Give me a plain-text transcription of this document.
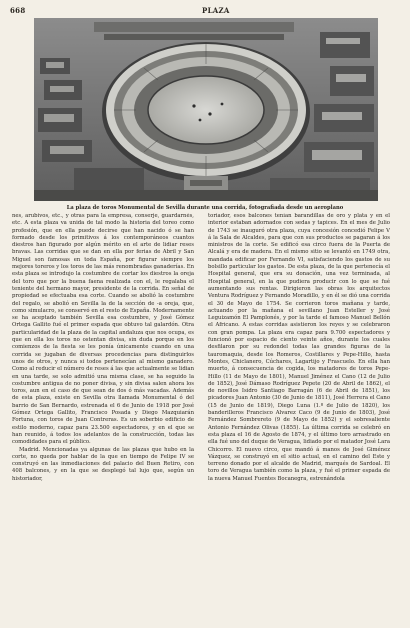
668	PLAZA
La plaza de toros Monumental de Sevilla durante una corrida, fotografiada desde un aeroplano

nes, arubivos, etc., y otras para la empresa, conserje, guardarnés, etc. A esta plaza va unida de tal modo la historia del toreo como profesión, que en ella puede decirse que han nacido ó se han formado desde los primitivos á los contemporáneos cuantos diestros han figurado por algún mérito en el arte de lidiar reses bravas. Las corridas que se dan en ella por ferias de Abril y San Miguel son famosas en toda España, por figurar siempre los mejores toreros y los toros de las más renombradas ganaderías. En esta plaza se introdujo la costumbre de cortar los diestros la oreja del toro que por la buena faena realizada con el, le regalaba el teniente del hermano mayor, presidente de la corrida. En señal de propiedad se efectuaba esa corte. Cuando se abolió la costumbre del regalo, se abolió en Sevilla la de la sección de -a oreja, que, como simulacro, se conservó en el resto de España. Modernamente se ha aceptado también Sevilla esa costumbre, y José Gómez Ortega Gallito fué el primer espada que obtuvo tal galardón. Otra particularidad de la plaza de la capital andaluza que nos ocupa, es que en ella los toros no ostentan divisa, sin duda porque en los comienzos de la fiesta se les ponía únicamente cuando en una corrida se jugaban de diversas procedencias para distinguirlos unos de otros, y nunca si todos pertenecían al mismo ganadero. Como al reducir el número de reses á las que actualmente se lidian en una tarde, se solo admitió una misma clase, se ha seguido la costumbre antigua de no poner divisa, y sin divisa salen ahora los toros, aun en el caso de que sean de dos ó más vacadas. Además de esta plaza, existe en Sevilla otra llamada Monumental ó del barrio de San Bernardo, estrenada el 6 de Junio de 1918 por José Gómez Ortega Gallito, Francisco Posada y Diego Mazquiarán Fortuna, con toros de Juan Contreras. Es un soberbio edificio de estilo moderno, capaz para 23.500 espectadores, y en el que se han reunido, á todos los adelantos de la construcción, todas las comodidades para el público.

Madrid. Mencionadas ya algunas de las plazas que hubo en la corte, no queda por hablar de la que en tiempo de Felipe IV se construyó en las inmediaciones del palacio del Buen Retiro, con 408 balcones, y en la que se desplegó tal lujo que, según un historiador,

toriador, esos balcones tenían barandillas de oro y plata y en el interior estaban adornados con sedas y tapices. En el mes de Julio de 1743 se inauguró otra plaza, cuya concesión concedió Felipe V á la Sala de Alcaldes, para que con sus productos se pagaran á los ministros de la corte. Se edificó esa circo fuera de la Puerta de Alcalá y era de madera. En el mismo sitio se levantó en 1749 otra, mandada edificar por Fernando VI, satisfaciendo los gastos de su bolsillo particular los gastos. De esta plaza, de la que pertenecía el Hospital general, que era su donación, una vez terminada, al Hospital general, en la que pudiera producir con lo que se fué aumentando sus rentas. Dirigieron las obras los arquitectos Ventura Rodríguez y Fernando Moradillo, y en él se dió una corrida el 30 de Mayo de 1754. Se corrieron toros mañana y tarde, actuando por la mañana el sevillano Juan Esteller y José Leguizamón El Pamplonés, y por la tarde el famoso Manuel Bellón el Africano. A estas corridas asistieron los reyes y se celebraron con gran pompa. La plaza era capaz para 9.700 espectadores y funcionó por espacio de ciento veinte años, durante los cuales desfilaron por su redondel todas las grandes figuras de la tauromaquia, desde los Romeros, Costillares y Pepe-Hillo, hasta Montes, Chiclanero, Cúchares, Lagartijo y Frascuelo. En ella han muerto, á consecuencia de cogida, los matadores de toros Pepe-Hillo (11 de Mayo de 1801), Manuel Jiménez el Cano (12 de Julio de 1852), José Dámaso Rodríguez Pepete (20 de Abril de 1862), el de novillos Isidro Santiago Barragán (6 de Abril de 1851), los picadores Juan Antonio (30 de Junio de 1811), José Herrera el Cano (15 de Junio de 1819), Diego Luna (1.º de Julio de 1820), los banderilleros Francisco Alvarez Caco (9 de Junio de 1803), José Fernández Sombrereto (9 de Mayo de 1852) y el sobresaliente Antonio Fernández Olivas (1855). La última corrida se celebró en esta plaza el 16 de Agosto de 1874, y el último toro arrastrado en ella fué uno del duque de Veragua, lidiado por el matador José Lara Chicorro. El nuevo circo, que mandó á manos de José Giménez Vázquez, se construyó en el sitio actual, en el camino del Este y terreno donado por el alcalde de Madrid, marqués de Sardoal. El toro de Veragua también como la plaza, y fué el primer espada de la nueva Manuel Fuentes Bocanegra, estrenándola
